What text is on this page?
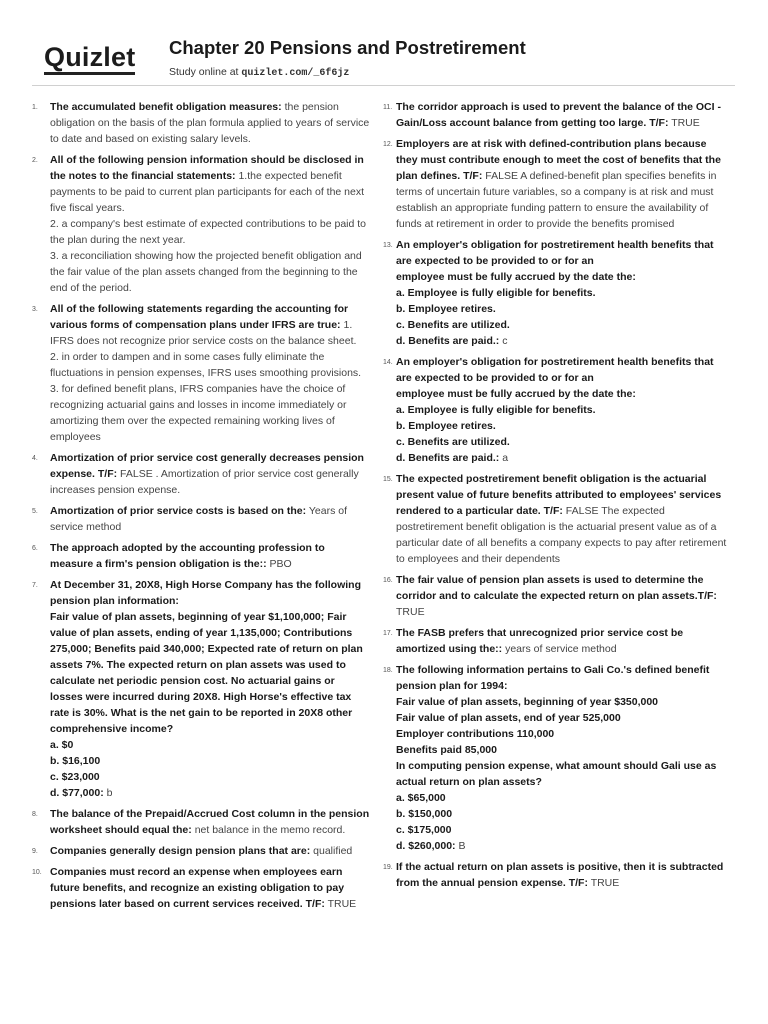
Quizlet Chapter 20 Pensions and Postretirement
Study online at quizlet.com/_6f6jz
1. The accumulated benefit obligation measures: the pension obligation on the basis of the plan formula applied to years of service to date and based on existing salary levels.
2. All of the following pension information should be disclosed in the notes to the financial statements: 1.the expected benefit payments to be paid to current plan participants for each of the next five fiscal years.
2. a company's best estimate of expected contributions to be paid to the plan during the next year.
3. a reconciliation showing how the projected benefit obligation and the fair value of the plan assets changed from the beginning to the end of the period.
3. All of the following statements regarding the accounting for various forms of compensation plans under IFRS are true: 1. IFRS does not recognize prior service costs on the balance sheet.
2. in order to dampen and in some cases fully eliminate the fluctuations in pension expenses, IFRS uses smoothing provisions.
3. for defined benefit plans, IFRS companies have the choice of recognizing actuarial gains and losses in income immediately or amortizing them over the expected remaining working lives of employees
4. Amortization of prior service cost generally decreases pension expense. T/F: FALSE . Amortization of prior service cost generally increases pension expense.
5. Amortization of prior service costs is based on the: Years of service method
6. The approach adopted by the accounting profession to measure a firm's pension obligation is the:: PBO
7. At December 31, 20X8, High Horse Company has the following pension plan information:
Fair value of plan assets, beginning of year $1,100,000; Fair value of plan assets, ending of year 1,135,000; Contributions 275,000; Benefits paid 340,000; Expected rate of return on plan assets 7%. The expected return on plan assets was used to calculate net periodic pension cost. No actuarial gains or losses were incurred during 20X8. High Horse's effective tax rate is 30%. What is the net gain to be reported in 20X8 other comprehensive income?
a. $0
b. $16,100
c. $23,000
d. $77,000: b
8. The balance of the Prepaid/Accrued Cost column in the pension worksheet should equal the: net balance in the memo record.
9. Companies generally design pension plans that are: qualified
10. Companies must record an expense when employees earn future benefits, and recognize an existing obligation to pay pensions later based on current services received. T/F: TRUE
11. The corridor approach is used to prevent the balance of the OCI - Gain/Loss account balance from getting too large. T/F: TRUE
12. Employers are at risk with defined-contribution plans because they must contribute enough to meet the cost of benefits that the plan defines. T/F: FALSE A defined-benefit plan specifies benefits in terms of uncertain future variables, so a company is at risk and must establish an appropriate funding pattern to ensure the availability of funds at retirement in order to provide the benefits promised
13. An employer's obligation for postretirement health benefits that are expected to be provided to or for an
employee must be fully accrued by the date the:
a. Employee is fully eligible for benefits.
b. Employee retires.
c. Benefits are utilized.
d. Benefits are paid.: c
14. An employer's obligation for postretirement health benefits that are expected to be provided to or for an
employee must be fully accrued by the date the:
a. Employee is fully eligible for benefits.
b. Employee retires.
c. Benefits are utilized.
d. Benefits are paid.: a
15. The expected postretirement benefit obligation is the actuarial present value of future benefits attributed to employees' services rendered to a particular date. T/F: FALSE The expected postretirement benefit obligation is the actuarial present value as of a particular date of all benefits a company expects to pay after retirement to employees and their dependents
16. The fair value of pension plan assets is used to determine the corridor and to calculate the expected return on plan assets.T/F: TRUE
17. The FASB prefers that unrecognized prior service cost be amortized using the:: years of service method
18. The following information pertains to Gali Co.'s defined benefit pension plan for 1994:
Fair value of plan assets, beginning of year $350,000
Fair value of plan assets, end of year 525,000
Employer contributions 110,000
Benefits paid 85,000
In computing pension expense, what amount should Gali use as actual return on plan assets?
a. $65,000
b. $150,000
c. $175,000
d. $260,000: B
19. If the actual return on plan assets is positive, then it is subtracted from the annual pension expense. T/F: TRUE
